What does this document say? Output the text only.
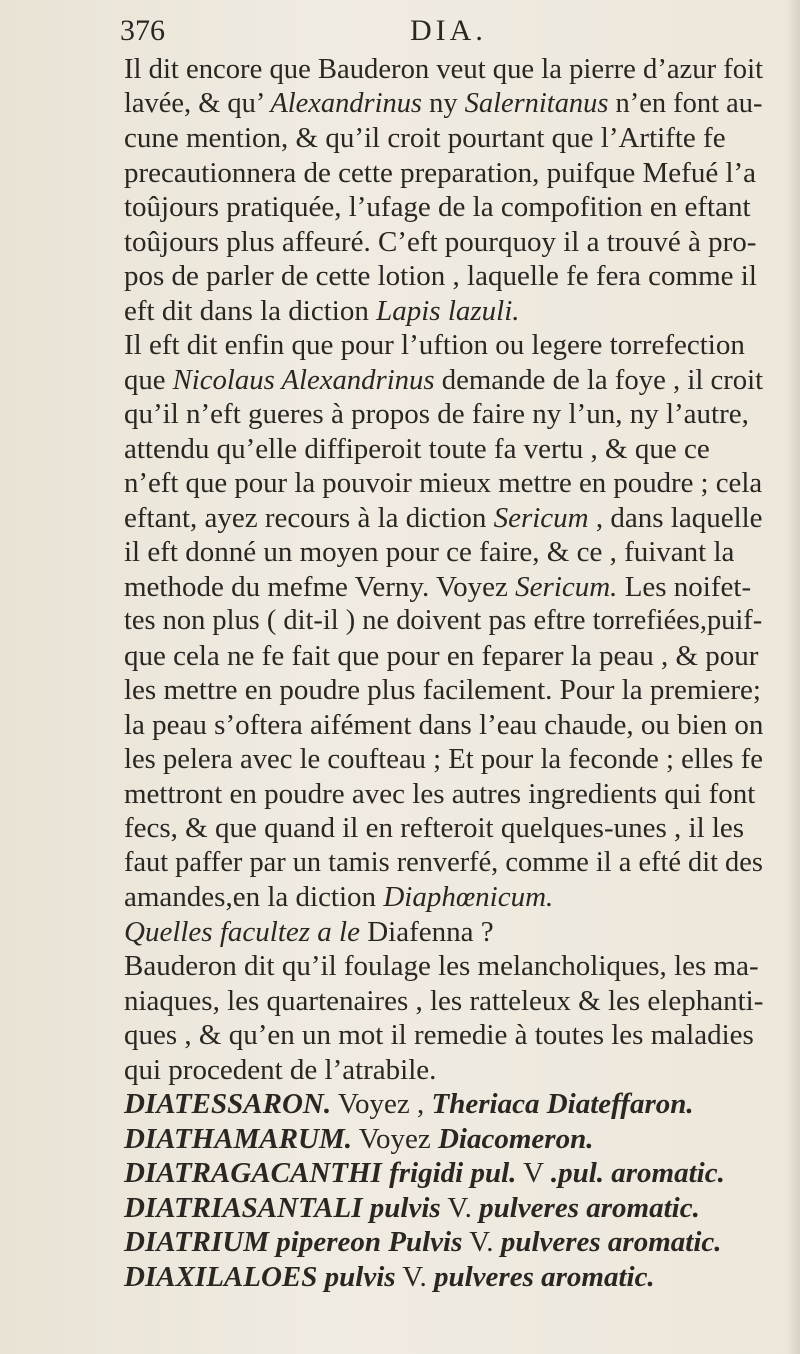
376	DIA.
Il dit encore que Bauderon veut que la pierre d’azur foit
lavée, & qu’ Alexandrinus ny Salernitanus n’en font au-
cune mention, & qu’il croit pourtant que l’Artifte fe
precautionnera de cette preparation, puifque Mefué l’a
toûjours pratiquée, l’ufage de la compofition en eftant
toûjours plus affeuré. C’eft pourquoy il a trouvé à pro-
pos de parler de cette lotion , laquelle fe fera comme il
eft dit dans la diction Lapis lazuli.
Il eft dit enfin que pour l’uftion ou legere torrefection
que Nicolaus Alexandrinus demande de la foye , il croit
qu’il n’eft gueres à propos de faire ny l’un, ny l’autre,
attendu qu’elle diffiperoit toute fa vertu , & que ce
n’eft que pour la pouvoir mieux mettre en poudre ; cela
eftant, ayez recours à la diction Sericum , dans laquelle
il eft donné un moyen pour ce faire, & ce , fuivant la
methode du mefme Verny. Voyez Sericum. Les noifet-
tes non plus ( dit-il ) ne doivent pas eftre torrefiées,puif-
que cela ne fe fait que pour en feparer la peau , & pour
les mettre en poudre plus facilement. Pour la premiere;
la peau s’oftera aifément dans l’eau chaude, ou bien on
les pelera avec le coufteau ; Et pour la feconde ; elles fe
mettront en poudre avec les autres ingredients qui font
fecs, & que quand il en refteroit quelques-unes , il les
faut paffer par un tamis renverfé, comme il a efté dit des
amandes,en la diction Diaphœnicum.
Quelles facultez a le Diafenna ?
Bauderon dit qu’il foulage les melancholiques, les ma-
niaques, les quartenaires , les ratteleux & les elephanti-
ques , & qu’en un mot il remedie à toutes les maladies
qui procedent de l’atrabile.
DIATESSARON. Voyez , Theriaca Diateffaron.
DIATHAMARUM. Voyez Diacomeron.
DIATRAGACANTHI frigidi pul. V .pul. aromatic.
DIATRIASANTALI pulvis V. pulveres aromatic.
DIATRIUM pipereon Pulvis V. pulveres aromatic.
DIAXILALOES pulvis V. pulveres aromatic.
